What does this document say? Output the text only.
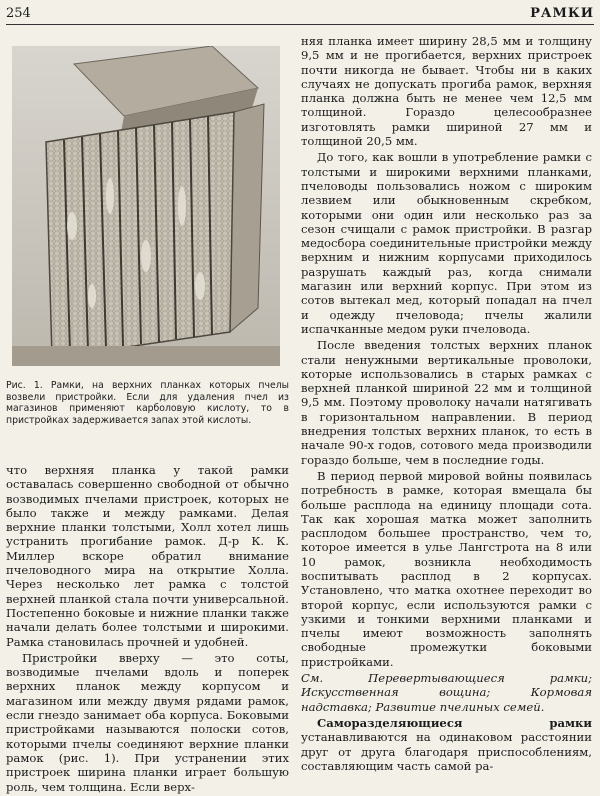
254	РАМКИ
Рис. 1. Рамки, на верхних планках которых пчелы возвели пристройки. Если для удаления пчел из магазинов применяют карболовую кислоту, то в пристройках задерживается запах этой кислоты.

что верхняя планка у такой рамки оставалась совершенно свободной от обычно возводимых пчелами пристроек, которых не было также и между рамками. Делая верхние планки толстыми, Холл хотел лишь устранить прогибание рамок. Д-р К. К. Миллер вскоре обратил внимание пчеловодного мира на открытие Холла. Через несколько лет рамка с толстой верхней планкой стала почти универсальной. Постепенно боковые и нижние планки также начали делать более толстыми и широкими. Рамка становилась прочней и удобней.

Пристройки вверху — это соты, возводимые пчелами вдоль и поперек верхних планок между корпусом и магазином или между двумя рядами рамок, если гнездо занимает оба корпуса. Боковыми пристройками называются полоски сотов, которыми пчелы соединяют верхние планки рамок (рис. 1). При устранении этих пристроек ширина планки играет большую роль, чем толщина. Если верх-

няя планка имеет ширину 28,5 мм и толщину 9,5 мм и не прогибается, верхних пристроек почти никогда не бывает. Чтобы ни в каких случаях не допускать прогиба рамок, верхняя планка должна быть не менее чем 12,5 мм толщиной. Гораздо целесообразнее изготовлять рамки шириной 27 мм и толщиной 20,5 мм.

До того, как вошли в употребление рамки с толстыми и широкими верхними планками, пчеловоды пользовались ножом с широким лезвием или обыкновенным скребком, которыми они один или несколько раз за сезон счищали с рамок пристройки. В разгар медосбора соединительные пристройки между верхним и нижним корпусами приходилось разрушать каждый раз, когда снимали магазин или верхний корпус. При этом из сотов вытекал мед, который попадал на пчел и одежду пчеловода; пчелы жалили испачканные медом руки пчеловода.

После введения толстых верхних планок стали ненужными вертикальные проволоки, которые использовались в старых рамках с верхней планкой шириной 22 мм и толщиной 9,5 мм. Поэтому проволоку начали натягивать в горизонтальном направлении. В период внедрения толстых верхних планок, то есть в начале 90-х годов, сотового меда производили гораздо больше, чем в последние годы.

В период первой мировой войны появилась потребность в рамке, которая вмещала бы больше расплода на единицу площади сота. Так как хорошая матка может заполнить расплодом большее пространство, чем то, которое имеется в улье Лангстрота на 8 или 10 рамок, возникла необходимость воспитывать расплод в 2 корпусах. Установлено, что матка охотнее переходит во второй корпус, если используются рамки с узкими и тонкими верхними планками и пчелы имеют возможность заполнять свободные промежутки боковыми пристройками.

См. Перевертывающиеся рамки; Искусственная вощина; Кормовая надставка; Развитие пчелиных семей.

Саморазделяющиеся рамки устанавливаются на одинаковом расстоянии друг от друга благодаря приспособлениям, составляющим часть самой ра-
